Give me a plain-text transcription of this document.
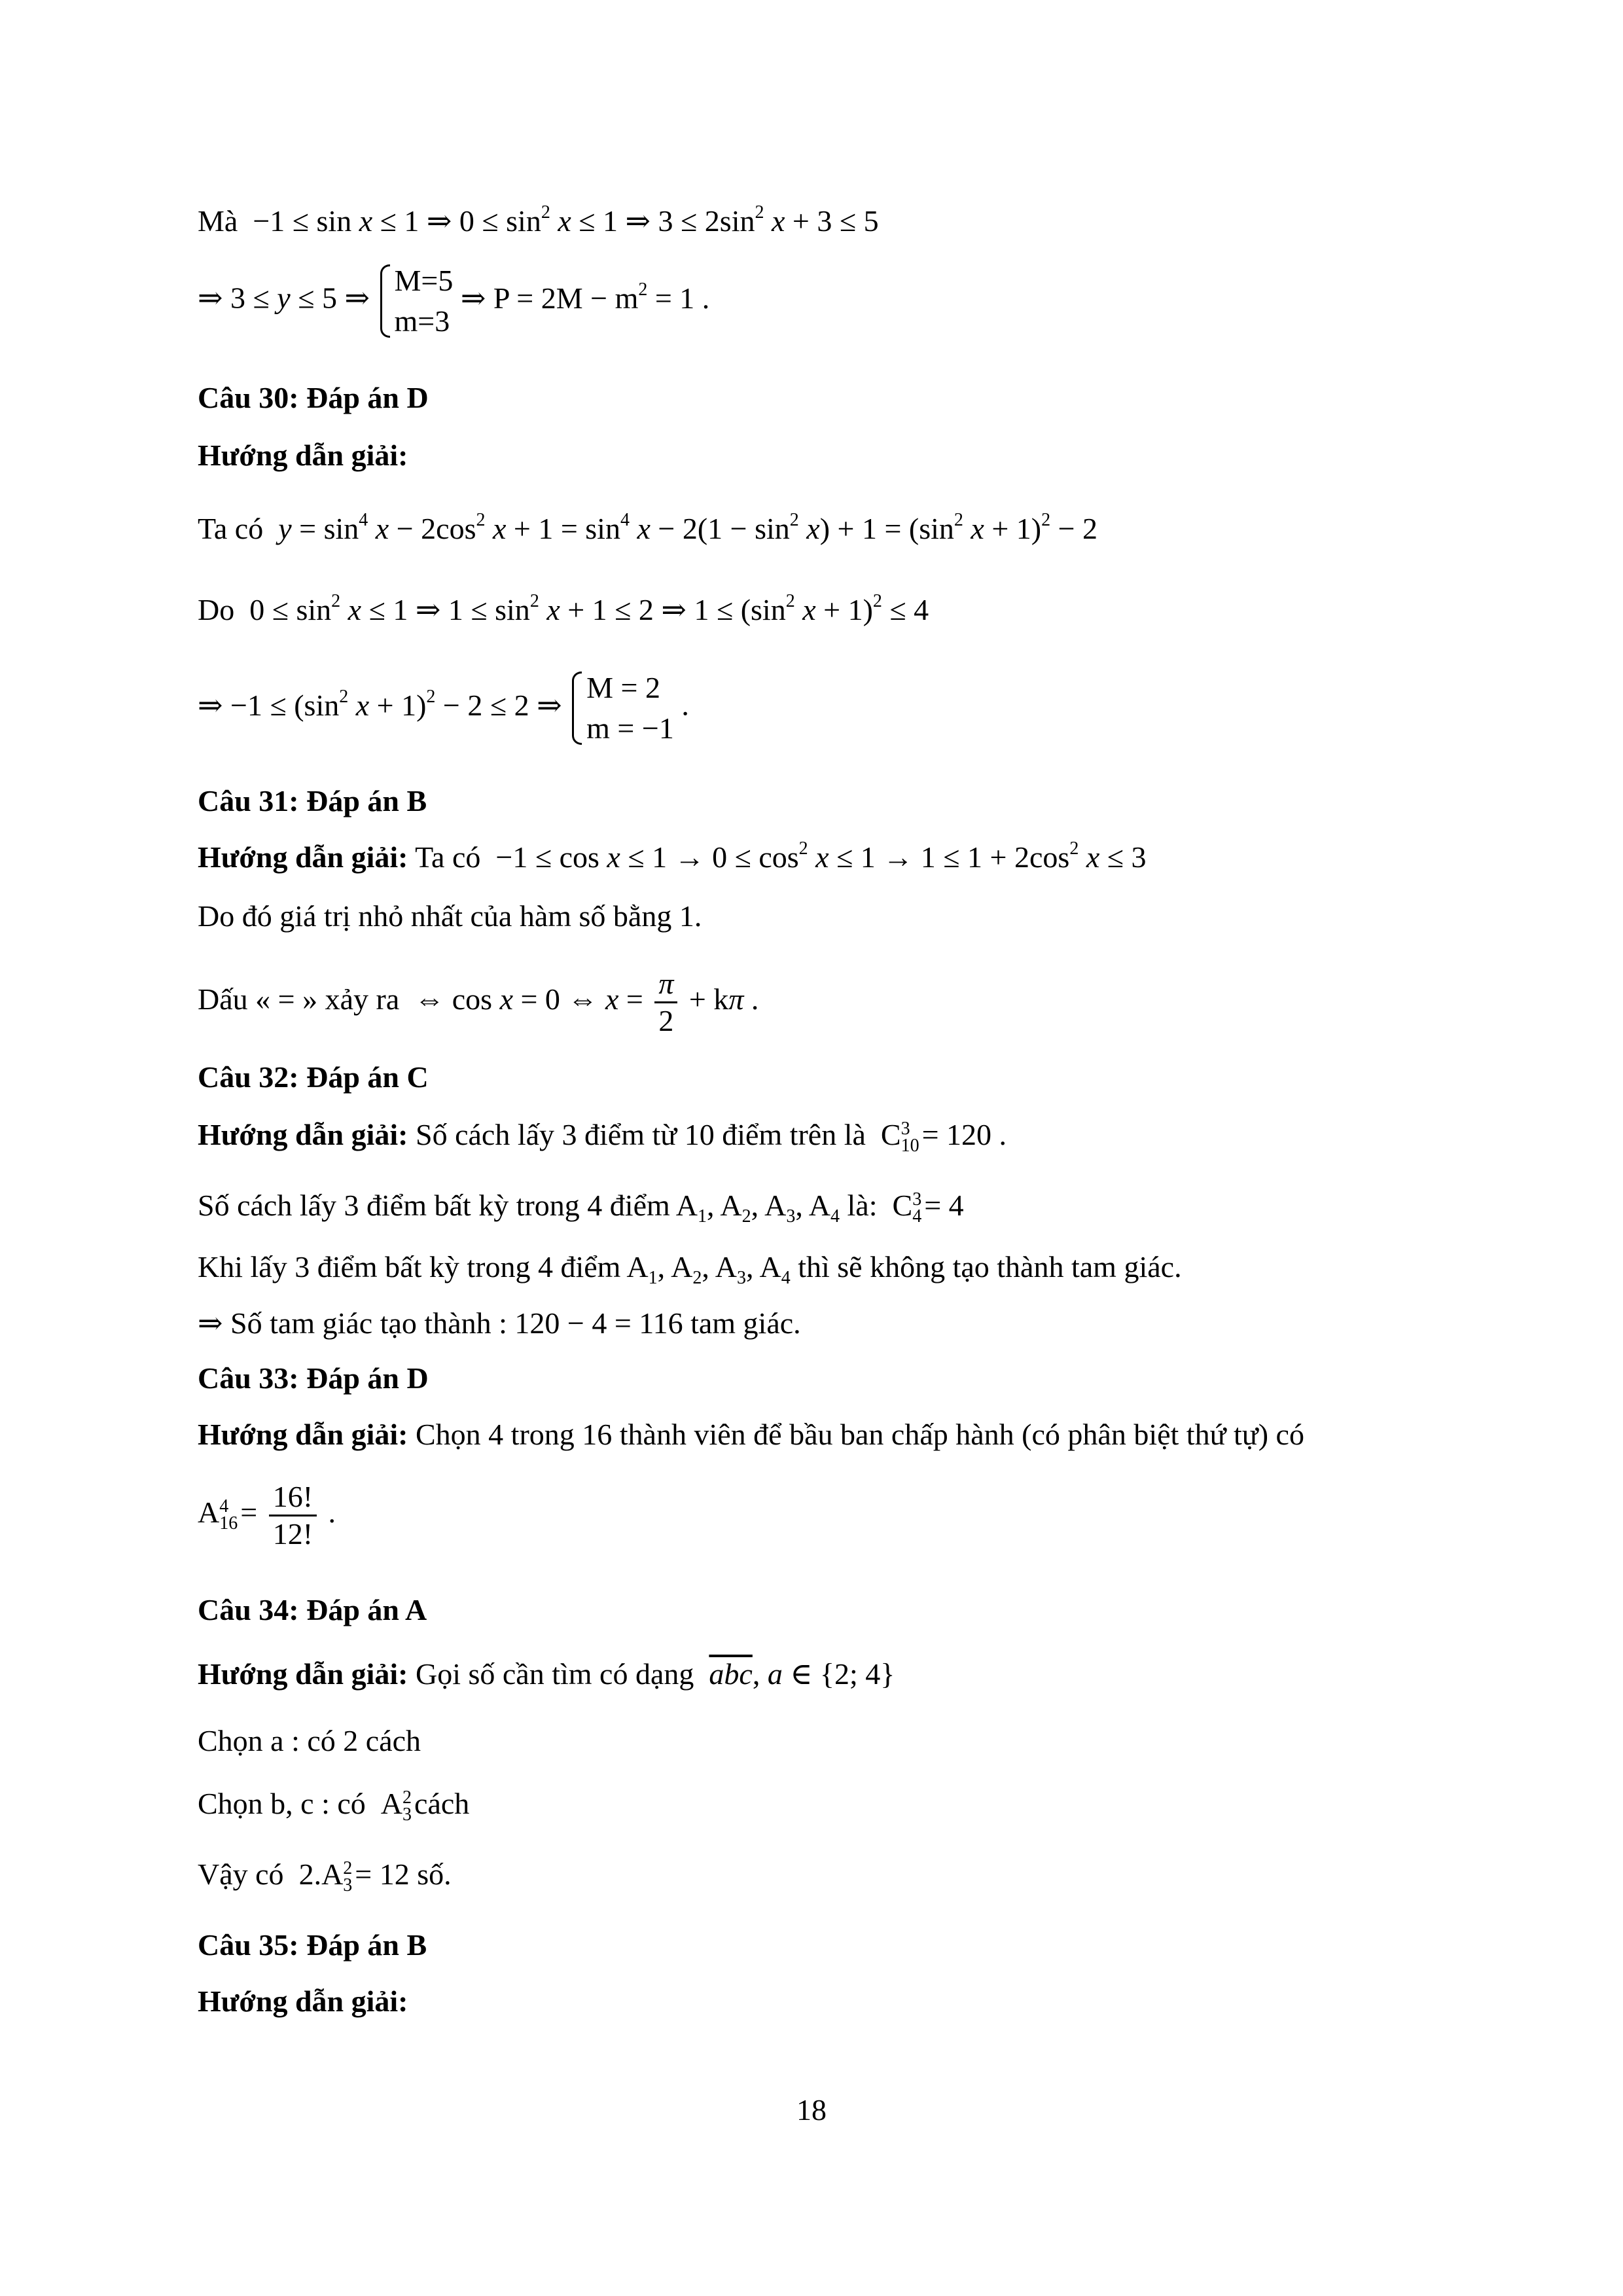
Mà −1 ≤ sin x ≤ 1 ⇒ $0 \le \sin^2 x \le 1$ ⇒ $3 \le 2\sin^2$ x + 3 ≤ 5
⇒ 3 ≤ y ≤ 5 ⇒
M=5
m=3
⇒ $P = 2M - m^2 = 1$ .
Câu 30: Đáp án D
Hướng dẫn giải:
Ta có $y = \sin^4 x - 2\cos^2$ $x + 1 = \sin^4 x - 2(1 - \sin^2 x) + 1 = (\sin^2$ x + 1)$^2$ − 2
Do $0 \le \sin^2 x \le 1$ ⇒ $1 \le \sin^2 x + 1 \le 2$ ⇒ $1 \le (\sin^2$ x + 1)$^2$ ≤ 4
⇒ $-1 \le (\sin^2$ x + 1)$^2$ − 2 ≤ 2 ⇒
M = 2
m = −1
.
Câu 31: Đáp án B
Hướng dẫn giải: Ta có $-1 \le \cos x \le 1 \to 0 \le \cos^2 x \le 1 \to 1 \le 1 + 2\cos^2$ x ≤ 3
Do đó giá trị nhỏ nhất của hàm số bằng 1.
Dấu « = » xảy ra ⇔ cos x = 0 ⇔ $x = \frac{\pi}{2} + k\pi$ .
Câu 32: Đáp án C
Hướng dẫn giải: Số cách lấy 3 điểm từ 10 điểm trên là C 3
10 = 120 .
Số cách lấy 3 điểm bất kỳ trong 4 điểm $A_1$, $A_2$, $A_3$, $A_4$ là: C 3
4 = 4
Khi lấy 3 điểm bất kỳ trong 4 điểm $A_1$, $A_2$, $A_3$, $A_4$ thì sẽ không tạo thành tam giác.
⇒ Số tam giác tạo thành : 120 − 4 = 116 tam giác.
Câu 33: Đáp án D
Hướng dẫn giải: Chọn 4 trong 16 thành viên để bầu ban chấp hành (có phân biệt thứ tự) có
A 4
$16 = \frac{16!}{12!}$ .
Câu 34: Đáp án A
Hướng dẫn giải: Gọi số cần tìm có dạng $\overline{abc}$, a ∈ {2; 4}
Chọn a : có 2 cách
Chọn b, c : có A 2
3 cách
Vậy có 2.A 2
3 = 12 số.
Câu 35: Đáp án B
Hướng dẫn giải:
18
